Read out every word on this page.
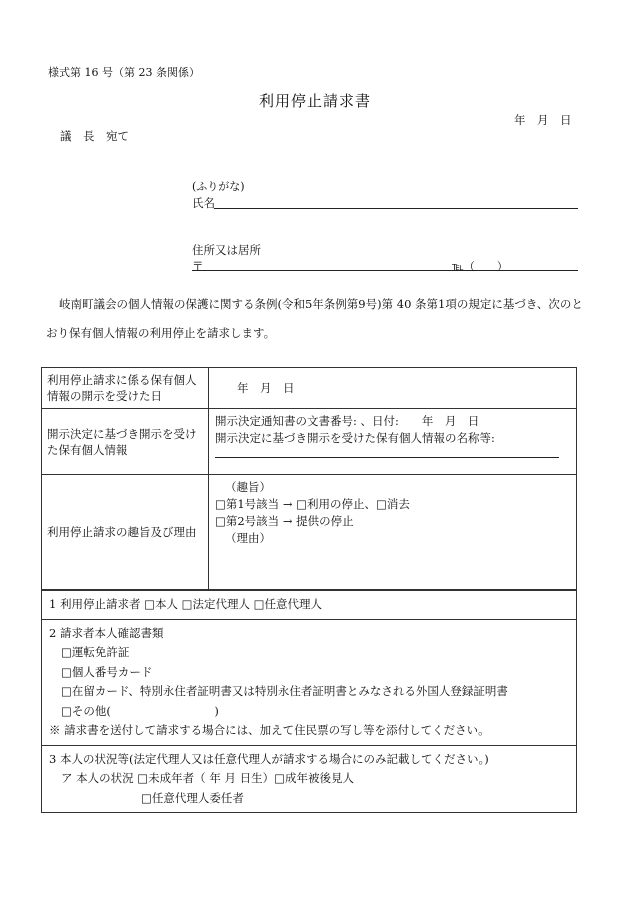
様式第 16 号（第 23 条関係）
利用停止請求書
年　月　日
議　長　宛て
(ふりがな)
氏名
住所又は居所
〒	℡（　　）
岐南町議会の個人情報の保護に関する条例(令和5年条例第9号)第 40 条第1項の規定に基づき、次のとおり保有個人情報の利用停止を請求します。
利用停止請求に係る保有個人情報の開示を受けた日	年　月　日
開示決定に基づき開示を受けた保有個人情報	開示決定通知書の文書番号: 、日付:　　年　月　日
開示決定に基づき開示を受けた保有個人情報の名称等:

利用停止請求の趣旨及び理由	（趣旨）
□第1号該当 → □利用の停止、□消去
□第2号該当 → 提供の停止
（理由）
1 利用停止請求者 □本人 □法定代理人 □任意代理人

2 請求者本人確認書類
□運転免許証
□個人番号カード
□在留カード、特別永住者証明書又は特別永住者証明書とみなされる外国人登録証明書
□その他(　　　　　　　　　)
※ 請求書を送付して請求する場合には、加えて住民票の写し等を添付してください。

3 本人の状況等(法定代理人又は任意代理人が請求する場合にのみ記載してください。)
ア 本人の状況 □未成年者（ 年 月 日生）□成年被後見人
□任意代理人委任者
